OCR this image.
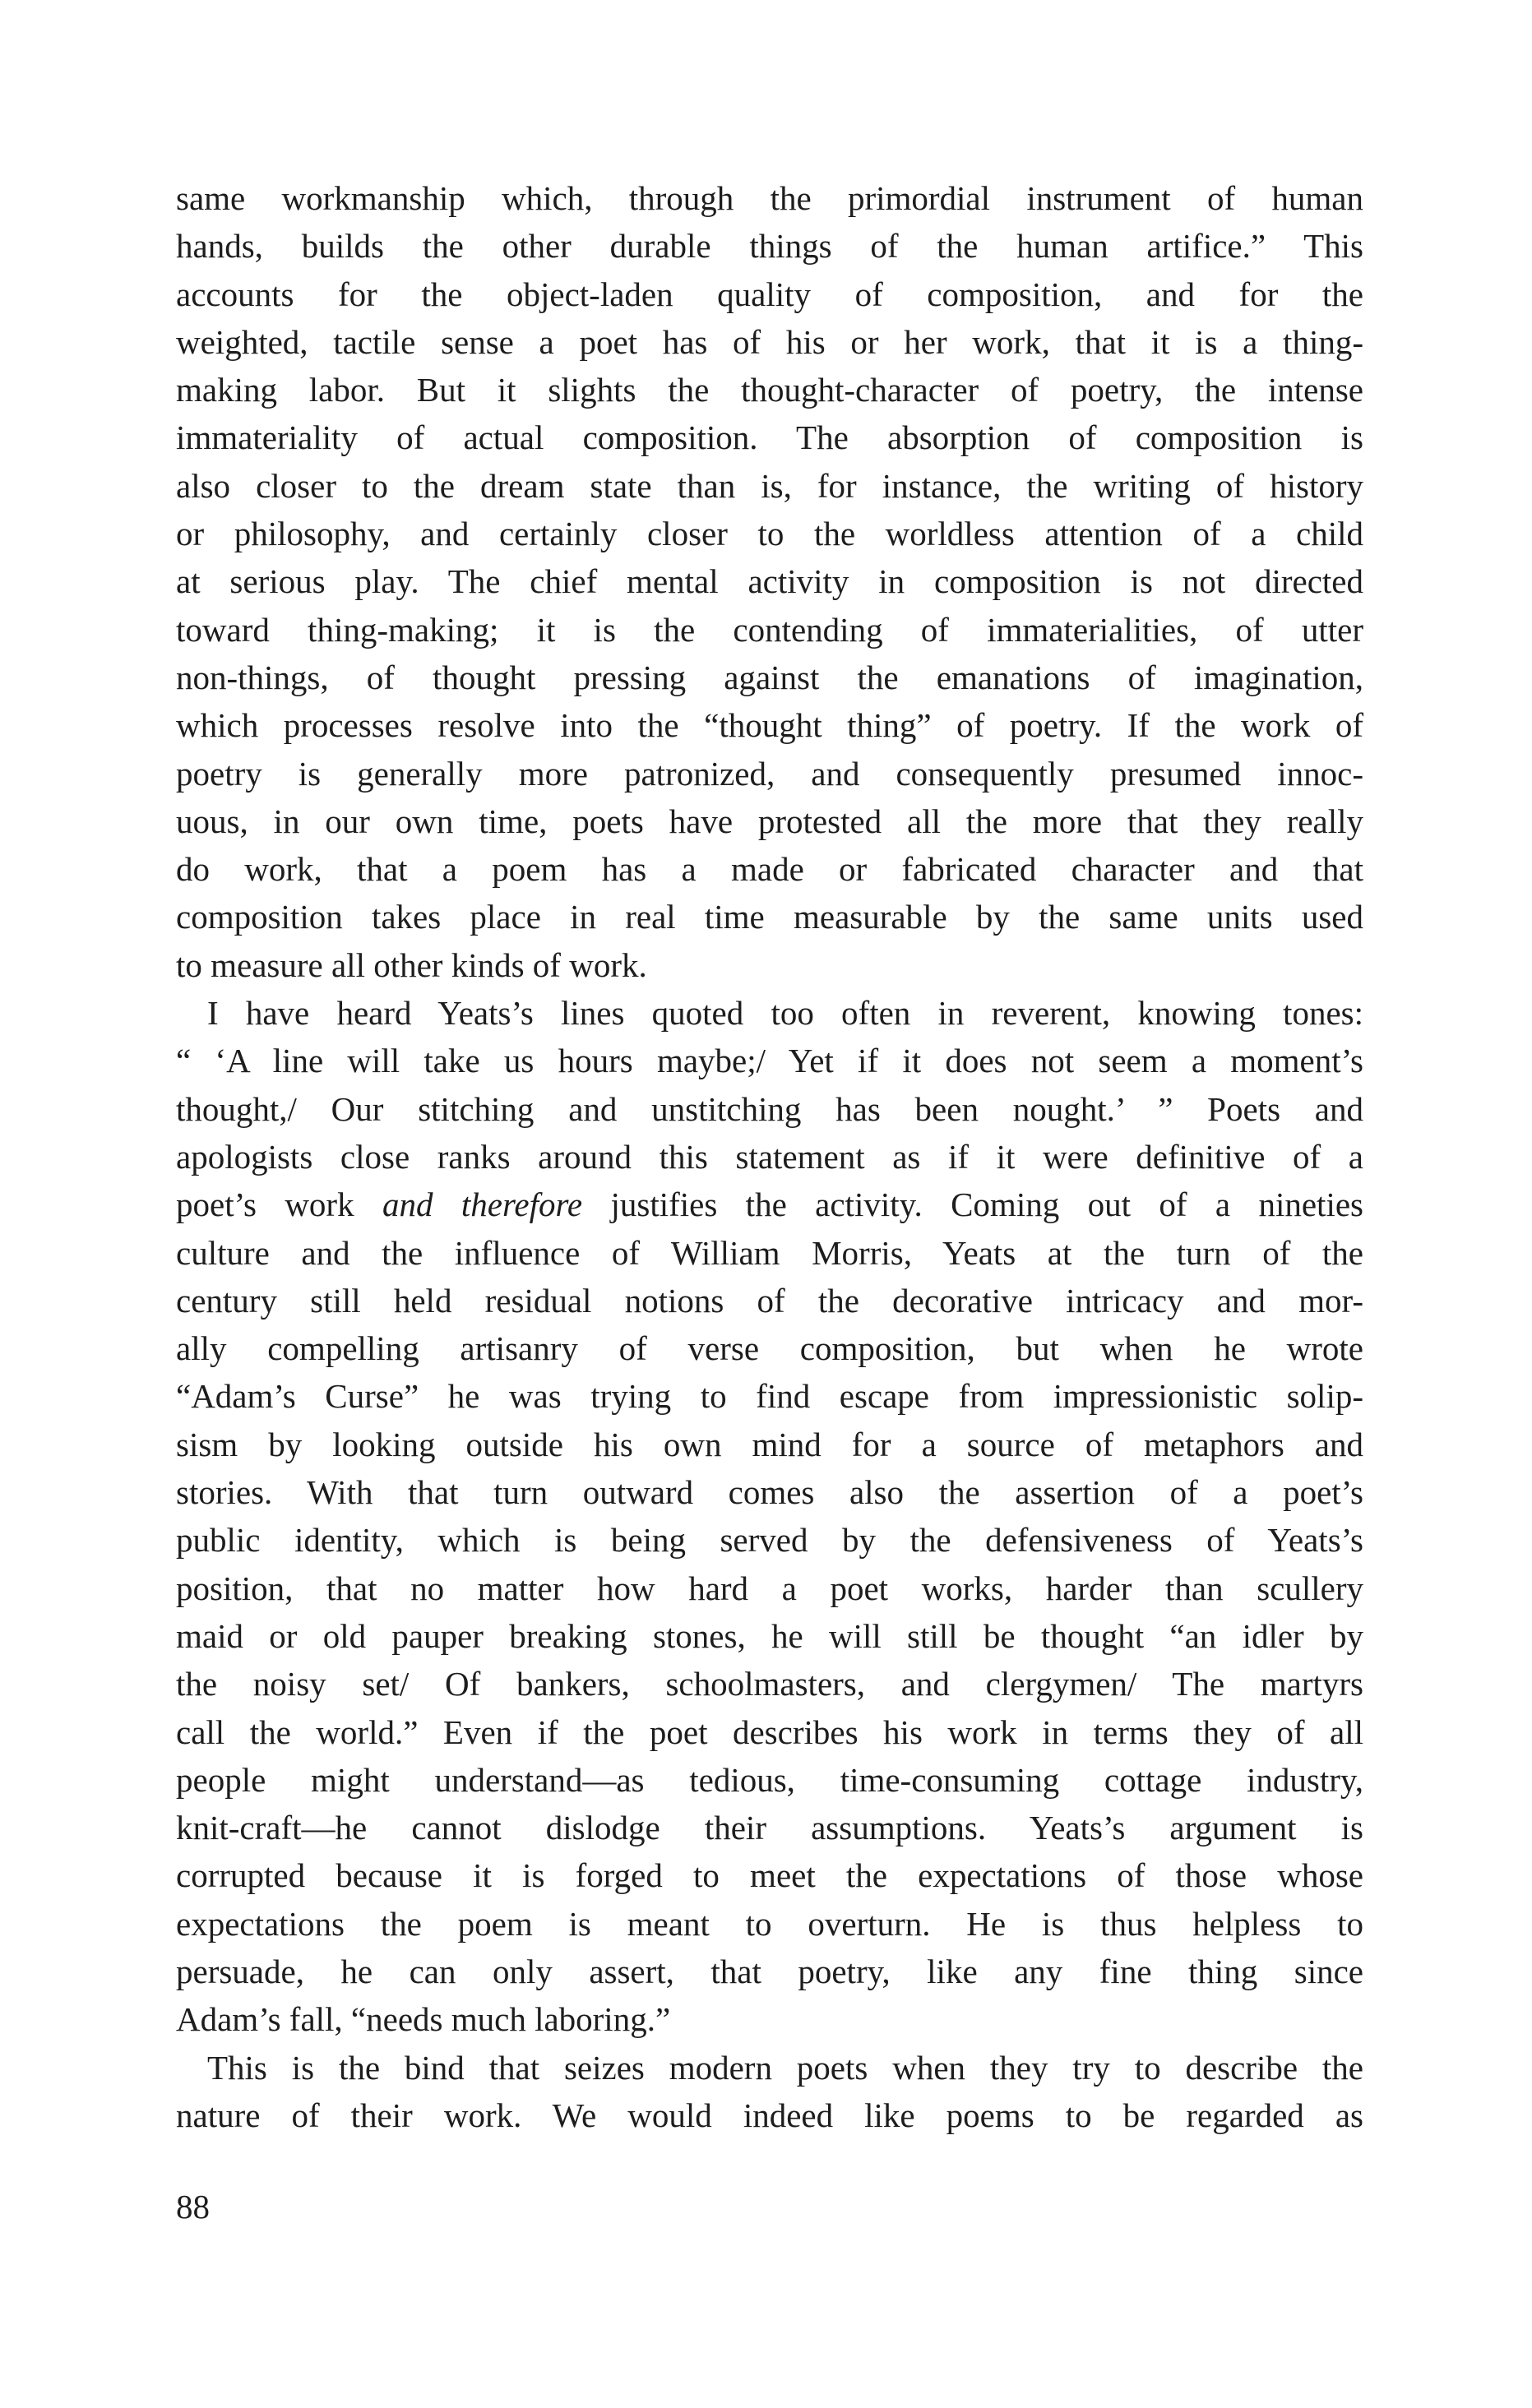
same workmanship which, through the primordial instrument of human
hands, builds the other durable things of the human artifice.” This
accounts for the object-laden quality of composition, and for the
weighted, tactile sense a poet has of his or her work, that it is a thing-
making labor. But it slights the thought-character of poetry, the intense
immateriality of actual composition. The absorption of composition is
also closer to the dream state than is, for instance, the writing of history
or philosophy, and certainly closer to the worldless attention of a child
at serious play. The chief mental activity in composition is not directed
toward thing-making; it is the contending of immaterialities, of utter
non-things, of thought pressing against the emanations of imagination,
which processes resolve into the “thought thing” of poetry. If the work of
poetry is generally more patronized, and consequently presumed innoc-
uous, in our own time, poets have protested all the more that they really
do work, that a poem has a made or fabricated character and that
composition takes place in real time measurable by the same units used
to measure all other kinds of work.
I have heard Yeats’s lines quoted too often in reverent, knowing tones:
“ ‘A line will take us hours maybe;/ Yet if it does not seem a moment’s
thought,/ Our stitching and unstitching has been nought.’ ” Poets and
apologists close ranks around this statement as if it were definitive of a
poet’s work and therefore justifies the activity. Coming out of a nineties
culture and the influence of William Morris, Yeats at the turn of the
century still held residual notions of the decorative intricacy and mor-
ally compelling artisanry of verse composition, but when he wrote
“Adam’s Curse” he was trying to find escape from impressionistic solip-
sism by looking outside his own mind for a source of metaphors and
stories. With that turn outward comes also the assertion of a poet’s
public identity, which is being served by the defensiveness of Yeats’s
position, that no matter how hard a poet works, harder than scullery
maid or old pauper breaking stones, he will still be thought “an idler by
the noisy set/ Of bankers, schoolmasters, and clergymen/ The martyrs
call the world.” Even if the poet describes his work in terms they of all
people might understand—as tedious, time-consuming cottage industry,
knit-craft—he cannot dislodge their assumptions. Yeats’s argument is
corrupted because it is forged to meet the expectations of those whose
expectations the poem is meant to overturn. He is thus helpless to
persuade, he can only assert, that poetry, like any fine thing since
Adam’s fall, “needs much laboring.”
This is the bind that seizes modern poets when they try to describe the
nature of their work. We would indeed like poems to be regarded as
88
